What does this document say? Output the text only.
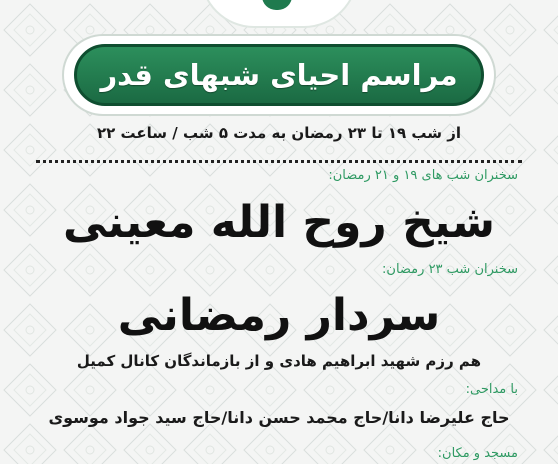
مراسم احیای شبهای قدر
از شب ۱۹ تا ۲۳ رمضان به مدت ۵ شب / ساعت ۲۲
سخنران شب های ۱۹ و ۲۱ رمضان:
شیخ روح الله معینی
سخنران شب ۲۳ رمضان:
سردار رمضانی
هم رزم شهید ابراهیم هادی و از بازماندگان کانال کمیل
با مداحی:
حاج علیرضا دانا/حاج محمد حسن دانا/حاج سید جواد موسوی
مسجد و مکان:
